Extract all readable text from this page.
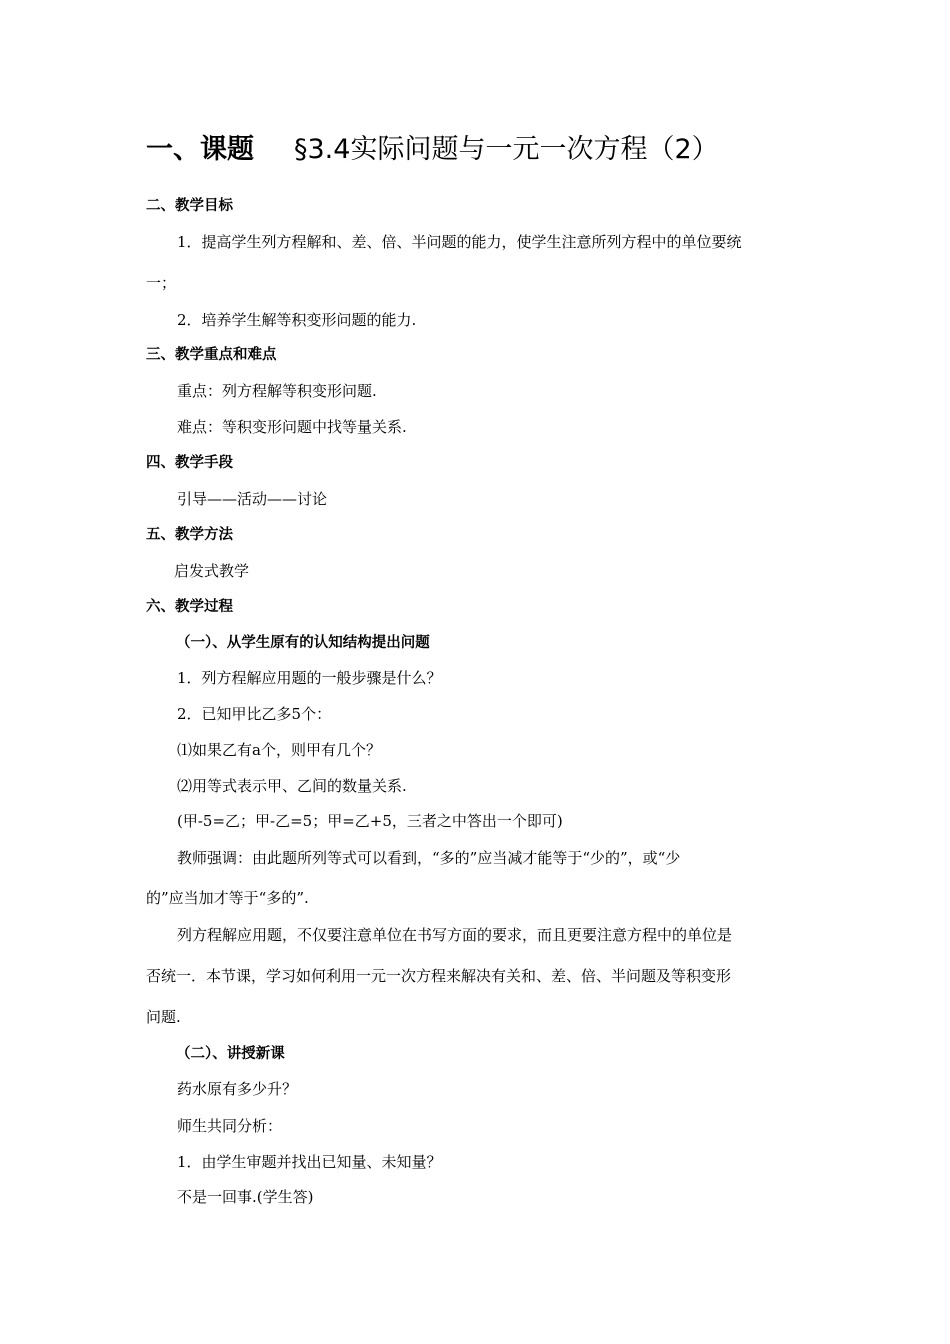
一、课题 §3.4实际问题与一元一次方程（2）
二、教学目标
1．提高学生列方程解和、差、倍、半问题的能力，使学生注意所列方程中的单位要统
一；
2．培养学生解等积变形问题的能力.
三、教学重点和难点
重点：列方程解等积变形问题.
难点：等积变形问题中找等量关系.
四、教学手段
引导——活动——讨论
五、教学方法
启发式教学
六、教学过程
（一）、从学生原有的认知结构提出问题
1．列方程解应用题的一般步骤是什么？
2．已知甲比乙多5个：
⑴如果乙有a个，则甲有几个？
⑵用等式表示甲、乙间的数量关系.
(甲-5=乙；甲-乙=5；甲=乙+5，三者之中答出一个即可)
教师强调：由此题所列等式可以看到，“多的”应当减才能等于“少的”，或“少
的”应当加才等于“多的”.
列方程解应用题，不仅要注意单位在书写方面的要求，而且更要注意方程中的单位是
否统一．本节课，学习如何利用一元一次方程来解决有关和、差、倍、半问题及等积变形
问题.
（二）、讲授新课
药水原有多少升？
师生共同分析：
1．由学生审题并找出已知量、未知量？
不是一回事.(学生答)
